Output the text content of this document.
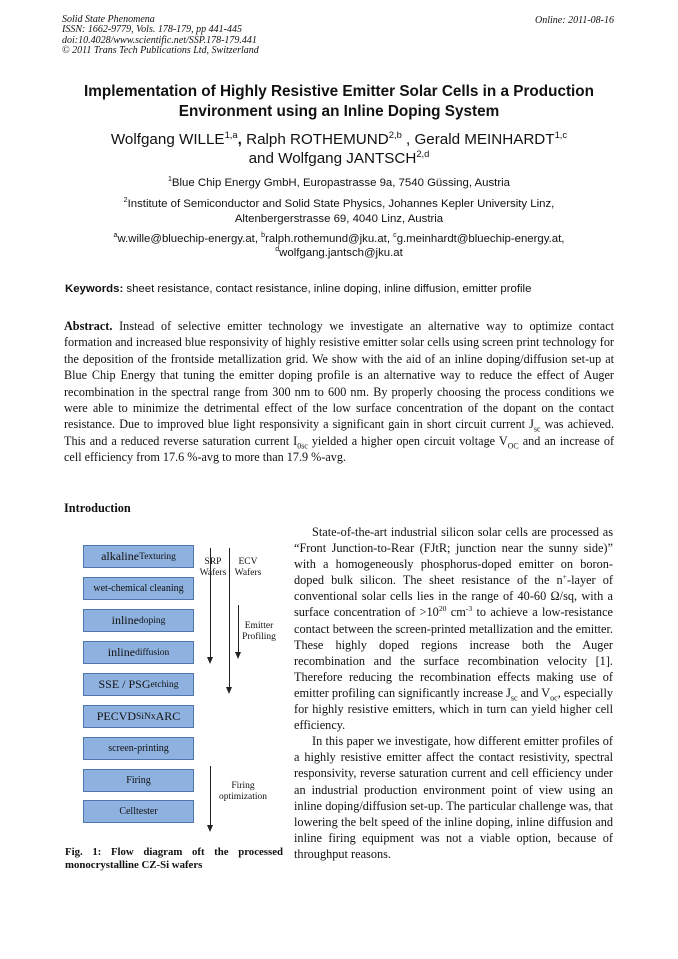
Solid State Phenomena
ISSN: 1662-9779, Vols. 178-179, pp 441-445
doi:10.4028/www.scientific.net/SSP.178-179.441
© 2011 Trans Tech Publications Ltd, Switzerland
Online: 2011-08-16
Implementation of Highly Resistive Emitter Solar Cells in a Production
Environment using an Inline Doping System
Wolfgang WILLE$^{1,a}$, Ralph ROTHEMUND$^{2,b}$ , Gerald MEINHARDT$^{1,c}$
and Wolfgang JANTSCH$^{2,d}$
$^1$Blue Chip Energy GmbH, Europastrasse 9a, 7540 Güssing, Austria
$^2$Institute of Semiconductor and Solid State Physics, Johannes Kepler University Linz,
Altenbergerstrasse 69, 4040 Linz, Austria
$^a$w.wille@bluechip-energy.at, $^b$ralph.rothemund@jku.at, $^c$g.meinhardt@bluechip-energy.at,
$^d$wolfgang.jantsch@jku.at
Keywords: sheet resistance, contact resistance, inline doping, inline diffusion, emitter profile
Abstract. Instead of selective emitter technology we investigate an alternative way to optimize contact formation and increased blue responsivity of highly resistive emitter solar cells using screen print technology for the deposition of the frontside metallization grid. We show with the aid of an inline doping/diffusion set-up at Blue Chip Energy that tuning the emitter doping profile is an alternative way to reduce the effect of Auger recombination in the spectral range from 300 nm to 600 nm. By properly choosing the process conditions we were able to minimize the detrimental effect of the low surface concentration of the dopant on the contact resistance. Due to improved blue light responsivity a significant gain in short circuit current $J_{sc}$ was achieved. This and a reduced reverse saturation current $I_{0sc}$ yielded a higher open circuit voltage $V_{OC}$ and an increase of cell efficiency from 17.6 %-avg to more than 17.9 %-avg.
Introduction
alkaline Texturing
wet-chemical cleaning
inline doping
inline diffusion
SSE / PSG etching
PECVD SiNx ARC
screen-printing
Firing
Celltester
SRP
Wafers
ECV
Wafers
Emitter
Profiling
Firing
optimization
Fig. 1: Flow diagram oft the processed monocrystalline CZ-Si wafers

State-of-the-art industrial silicon solar cells are processed as “Front Junction-to-Rear (FJtR; junction near the sunny side)” with a homogeneously phosphorus-doped emitter on boron-doped bulk silicon. The sheet resistance of the n+-layer of conventional solar cells lies in the range of 40-60 Ω/sq, with a surface concentration of $>10^{20}$ $cm^{-3}$ to achieve a low-resistance contact between the screen-printed metallization and the emitter. These highly doped regions increase both the Auger recombination and the surface recombination velocity [1]. Therefore reducing the recombination effects making use of emitter profiling can significantly increase $J_{sc}$ and $V_{oc}$, especially for highly resistive emitters, which in turn can yield higher cell efficiency.

In this paper we investigate, how different emitter profiles of a highly resistive emitter affect the contact resistivity, spectral responsivity, reverse saturation current and cell efficiency under an industrial production environment point of view using an inline doping/diffusion set-up. The particular challenge was, that lowering the belt speed of the inline doping, inline diffusion and inline firing equipment was not a viable option, because of throughput reasons.
